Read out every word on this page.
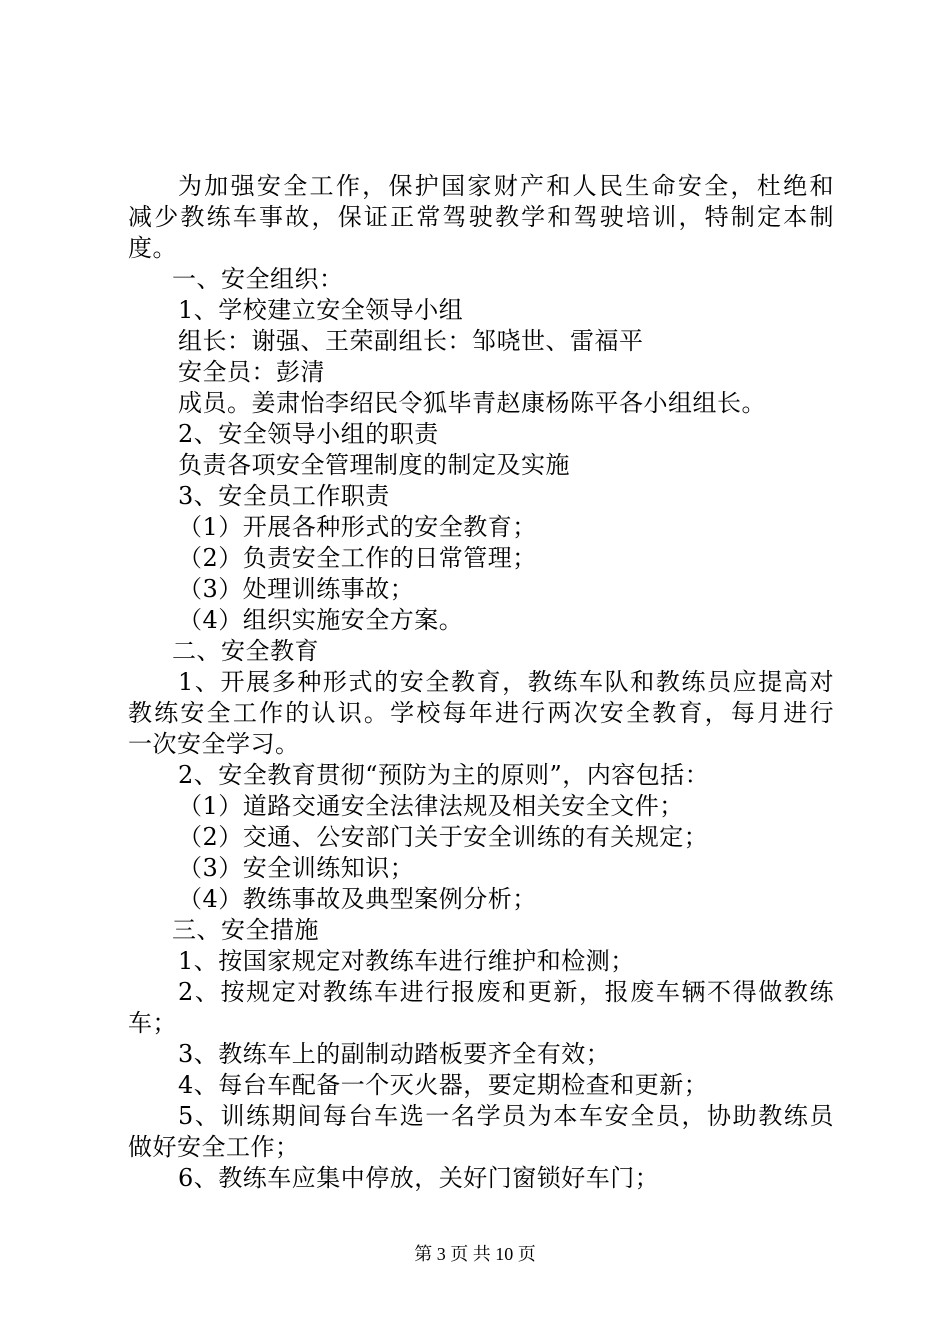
为加强安全工作，保护国家财产和人民生命安全，杜绝和
减少教练车事故，保证正常驾驶教学和驾驶培训，特制定本制
度。
一、安全组织：
1、学校建立安全领导小组
组长：谢强、王荣副组长：邹哓世、雷福平
安全员：彭清
成员。姜肃怡李绍民令狐毕青赵康杨陈平各小组组长。
2、安全领导小组的职责
负责各项安全管理制度的制定及实施
3、安全员工作职责
（1）开展各种形式的安全教育；
（2）负责安全工作的日常管理；
（3）处理训练事故；
（4）组织实施安全方案。
二、安全教育
1、开展多种形式的安全教育，教练车队和教练员应提高对
教练安全工作的认识。学校每年进行两次安全教育，每月进行
一次安全学习。
2、安全教育贯彻“预防为主的原则”，内容包括：
（1）道路交通安全法律法规及相关安全文件；
（2）交通、公安部门关于安全训练的有关规定；
（3）安全训练知识；
（4）教练事故及典型案例分析；
三、安全措施
1、按国家规定对教练车进行维护和检测；
2、按规定对教练车进行报废和更新，报废车辆不得做教练
车；
3、教练车上的副制动踏板要齐全有效；
4、每台车配备一个灭火器，要定期检查和更新；
5、训练期间每台车选一名学员为本车安全员，协助教练员
做好安全工作；
6、教练车应集中停放，关好门窗锁好车门；
第 3 页 共 10 页
